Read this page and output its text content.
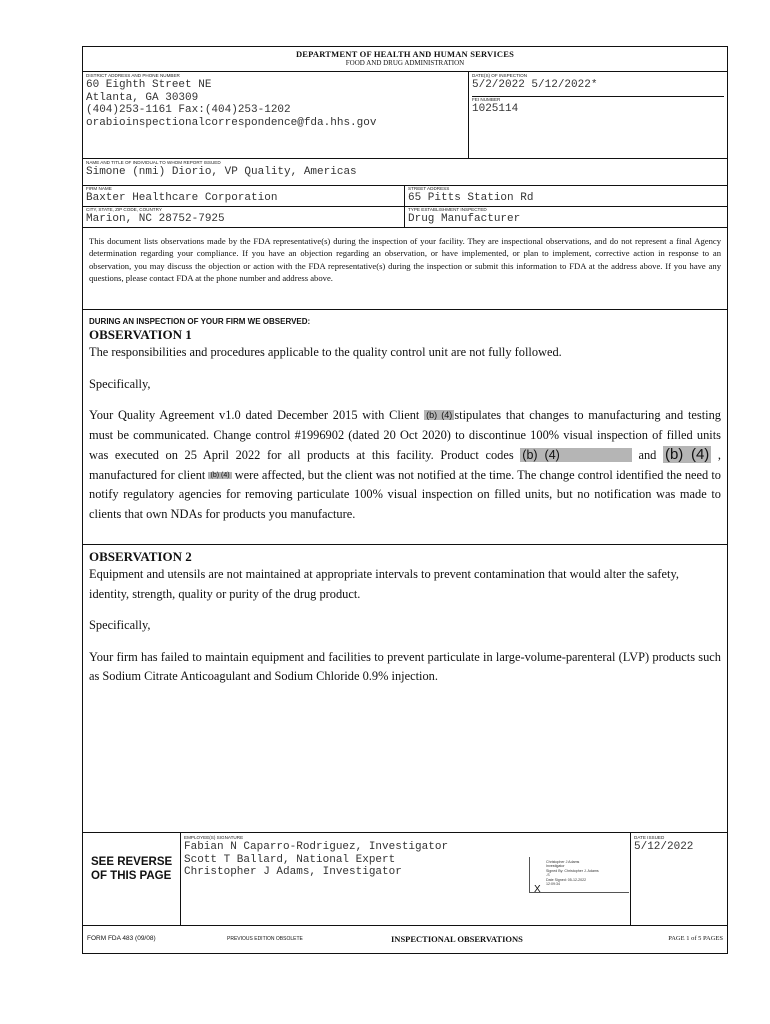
DEPARTMENT OF HEALTH AND HUMAN SERVICES
FOOD AND DRUG ADMINISTRATION
DISTRICT ADDRESS AND PHONE NUMBER
60 Eighth Street NE
Atlanta, GA 30309
(404)253-1161 Fax:(404)253-1202
orabioinspectionalcorrespondence@fda.hhs.gov
DATE(S) OF INSPECTION
5/2/2022 5/12/2022*
FEI NUMBER
1025114
NAME AND TITLE OF INDIVIDUAL TO WHOM REPORT ISSUED
Simone (nmi) Diorio, VP Quality, Americas
FIRM NAME
Baxter Healthcare Corporation
STREET ADDRESS
65 Pitts Station Rd
CITY, STATE, ZIP CODE, COUNTRY
Marion, NC 28752-7925
TYPE ESTABLISHMENT INSPECTED
Drug Manufacturer
This document lists observations made by the FDA representative(s) during the inspection of your facility. They are inspectional observations, and do not represent a final Agency determination regarding your compliance. If you have an objection regarding an observation, or have implemented, or plan to implement, corrective action in response to an observation, you may discuss the objection or action with the FDA representative(s) during the inspection or submit this information to FDA at the address above. If you have any questions, please contact FDA at the phone number and address above.
DURING AN INSPECTION OF YOUR FIRM WE OBSERVED:
OBSERVATION 1

The responsibilities and procedures applicable to the quality control unit are not fully followed.

Specifically,

Your Quality Agreement v1.0 dated December 2015 with Client $^{(b) (4)}$ stipulates that changes to manufacturing and testing must be communicated. Change control #1996902 (dated 20 Oct 2020) to discontinue 100% visual inspection of filled units was executed on 25 April 2022 for all products at this facility. Product codes (b) (4)	and (b) (4) , manufactured for client $^{(b) (4)}$ were affected, but the client was not notified at the time. The change control identified the need to notify regulatory agencies for removing particulate 100% visual inspection on filled units, but no notification was made to clients that own NDAs for products you manufacture.

OBSERVATION 2

Equipment and utensils are not maintained at appropriate intervals to prevent contamination that would alter the safety, identity, strength, quality or purity of the drug product.

Specifically,

Your firm has failed to maintain equipment and facilities to prevent particulate in large-volume-parenteral (LVP) products such as Sodium Citrate Anticoagulant and Sodium Chloride 0.9% injection.

SEE REVERSE OF THIS PAGE
EMPLOYEE(S) SIGNATURE
Fabian N Caparro-Rodriguez, Investigator
Scott T Ballard, National Expert
Christopher J Adams, Investigator
Christopher J Adams
Investigator
Signed By: Christopher J. Adams
-S
Date Signed: 05-12-2022
12:09:34
X
DATE ISSUED
5/12/2022
FORM FDA 483 (09/08)	PREVIOUS EDITION OBSOLETE	INSPECTIONAL OBSERVATIONS	PAGE 1 of 5 PAGES
